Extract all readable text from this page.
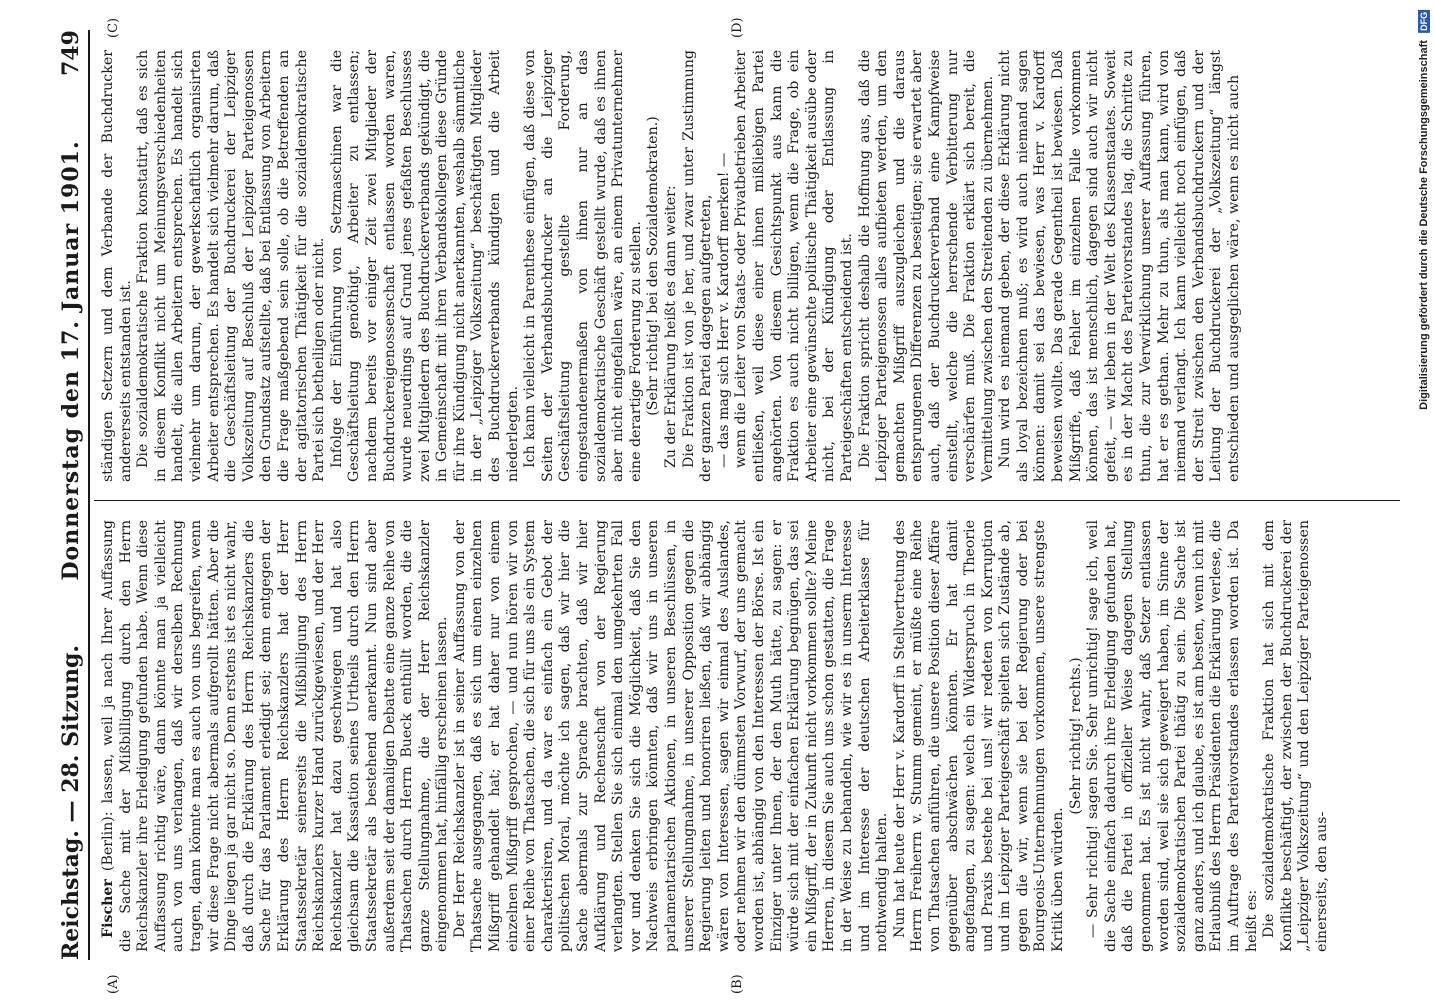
Reichstag. — 28. Sitzung.
Donnerstag den 17. Januar 1901.
749
(A)	(B)
(C)	(D)

Fischer (Berlin): lassen, weil ja nach Ihrer Auffassung die Sache mit der Mißbilligung durch den Herrn Reichskanzler ihre Erledigung gefunden habe. Wenn diese Auffassung richtig wäre, dann könnte man ja vielleicht auch von uns verlangen, daß wir derselben Rechnung tragen, dann könnte man es auch von uns begreifen, wenn wir diese Frage nicht abermals aufgerollt hätten. Aber die Dinge liegen ja gar nicht so. Denn erstens ist es nicht wahr, daß durch die Erklärung des Herrn Reichskanzlers die Sache für das Parlament erledigt sei; denn entgegen der Erklärung des Herrn Reichskanzlers hat der Herr Staatssekretär seinerseits die Mißbilligung des Herrn Reichskanzlers kurzer Hand zurückgewiesen, und der Herr Reichskanzler hat dazu geschwiegen und hat also gleichsam die Kassation seines Urtheils durch den Herrn Staatssekretär als bestehend anerkannt. Nun sind aber außerdem seit der damaligen Debatte eine ganze Reihe von Thatsachen durch Herrn Bueck enthüllt worden, die die ganze Stellungnahme, die der Herr Reichskanzler eingenommen hat, hinfällig erscheinen lassen. Der Herr Reichskanzler ist in seiner Auffassung von der Thatsache ausgegangen, daß es sich um einen einzelnen Mißgriff gehandelt hat; er hat daher nur von einem einzelnen Mißgriff gesprochen, — und nun hören wir von einer Reihe von Thatsachen, die sich für uns als ein System charakterisiren, und da war es einfach ein Gebot der politischen Moral, möchte ich sagen, daß wir hier die Sache abermals zur Sprache brachten, daß wir hier Aufklärung und Rechenschaft von der Regierung verlangten. Stellen Sie sich einmal den umgekehrten Fall vor und denken Sie sich die Möglichkeit, daß Sie den Nachweis erbringen könnten, daß wir uns in unseren parlamentarischen Aktionen, in unseren Beschlüssen, in unserer Stellungnahme, in unserer Opposition gegen die Regierung leiten und honoriren ließen, daß wir abhängig wären von Interessen, sagen wir einmal des Auslandes, oder nehmen wir den dümmsten Vorwurf, der uns gemacht worden ist, abhängig von den Interessen der Börse. Ist ein Einziger unter Ihnen, der den Muth hätte, zu sagen: er würde sich mit der einfachen Erklärung begnügen, das sei ein Mißgriff, der in Zukunft nicht vorkommen sollte? Meine Herren, in diesem Sie auch uns schon gestatten, die Frage in der Weise zu behandeln, wie wir es in unserm Interesse und im Interesse der deutschen Arbeiterklasse für nothwendig halten. Nun hat heute der Herr v. Kardorff in Stellvertretung des Herrn Freiherrn v. Stumm gemeint, er müßte eine Reihe von Thatsachen anführen, die unsere Position dieser Affäre gegenüber abschwächen könnten. Er hat damit angefangen, zu sagen: welch ein Widerspruch in Theorie und Praxis bestehe bei uns! wir redeten von Korruption und im Leipziger Parteigeschäft spielten sich Zustände ab, gegen die wir, wenn sie bei der Regierung oder bei Bourgeois-Unternehmungen vorkommen, unsere strengste Kritik üben würden.

(Sehr richtig! rechts.) — Sehr richtig! sagen Sie. Sehr unrichtig! sage ich, weil die Sache einfach dadurch ihre Erledigung gefunden hat, daß die Partei in offizieller Weise dagegen Stellung genommen hat. Es ist nicht wahr, daß Setzer entlassen worden sind, weil sie sich geweigert haben, im Sinne der sozialdemokratischen Partei thätig zu sein. Die Sache ist ganz anders, und ich glaube, es ist am besten, wenn ich mit Erlaubniß des Herrn Präsidenten die Erklärung verlese, die im Auftrage des Parteivorstandes erlassen worden ist. Da heißt es: Die sozialdemokratische Fraktion hat sich mit dem Konflikte beschäftigt, der zwischen der Buchdruckerei der „Leipziger Volkszeitung“ und den Leipziger Parteigenossen einerseits, den aus-

ständigen Setzern und dem Verbande der Buchdrucker andererseits entstanden ist. Die sozialdemokratische Fraktion konstatirt, daß es sich in diesem Konflikt nicht um Meinungsverschiedenheiten handelt, die allen Arbeitern entsprechen. Es handelt sich vielmehr um darum, der gewerkschaftlich organisirten Arbeiter entsprechen. Es handelt sich vielmehr darum, daß die Geschäftsleitung der Buchdruckerei der Leipziger Volkszeitung auf Beschluß der Leipziger Parteigenossen den Grundsatz aufstellte, daß bei Entlassung von Arbeitern die Frage maßgebend sein solle, ob die Betreffenden an der agitatorischen Thätigkeit für die sozialdemokratische Partei sich betheiligen oder nicht. Infolge der Einführung von Setzmaschinen war die Geschäftsleitung genöthigt, Arbeiter zu entlassen; nachdem bereits vor einiger Zeit zwei Mitglieder der Buchdruckereigenossenschaft entlassen worden waren, wurde neuerdings auf Grund jenes gefaßten Beschlusses zwei Mitgliedern des Buchdruckerverbands gekündigt, die in Gemeinschaft mit ihren Verbandskollegen diese Gründe für ihre Kündigung nicht anerkannten, weshalb sämmtliche in der „Leipziger Volkszeitung“ beschäftigten Mitglieder des Buchdruckerverbands kündigten und die Arbeit niederlegten. Ich kann vielleicht in Parenthese einfügen, daß diese von Seiten der Verbandsbuchdrucker an die Leipziger Geschäftsleitung gestellte Forderung, eingestandenermaßen von ihnen nur an das sozialdemokratische Geschäft gestellt wurde, daß es ihnen aber nicht eingefallen wäre, an einem Privatunternehmer eine derartige Forderung zu stellen. (Sehr richtig! bei den Sozialdemokraten.) Zu der Erklärung heißt es dann weiter: Die Fraktion ist von je her, und zwar unter Zustimmung der ganzen Partei dagegen aufgetreten, — das mag sich Herr v. Kardorff merken! — wenn die Leiter von Staats- oder Privatbetrieben Arbeiter entließen, weil diese einer ihnen mißliebigen Partei angehörten. Von diesem Gesichtspunkt aus kann die Fraktion es auch nicht billigen, wenn die Frage, ob ein Arbeiter eine gewünschte politische Thätigkeit ausübe oder nicht, bei der Kündigung oder Entlassung in Parteigeschäften entscheidend ist. Die Fraktion spricht deshalb die Hoffnung aus, daß die Leipziger Parteigenossen alles aufbieten werden, um den gemachten Mißgriff auszugleichen und die daraus entsprungenen Differenzen zu beseitigen; sie erwartet aber auch, daß der Buchdruckerverband eine Kampfweise einstellt, welche die herrschende Verbitterung nur verschärfen muß. Die Fraktion erklärt sich bereit, die Vermittelung zwischen den Streitenden zu übernehmen. Nun wird es niemand geben, der diese Erklärung nicht als loyal bezeichnen muß; es wird auch niemand sagen können: damit sei das bewiesen, was Herr v. Kardorff beweisen wollte. Das gerade Gegentheil ist bewiesen. Daß Mißgriffe, daß Fehler im einzelnen Falle vorkommen können, das ist menschlich, dagegen sind auch wir nicht gefeit, — wir leben in der Welt des Klassenstaates. Soweit es in der Macht des Parteivorstandes lag, die Schritte zu thun, die zur Verwirklichung unserer Auffassung führen, hat er es gethan. Mehr zu thun, als man kann, wird von niemand verlangt. Ich kann vielleicht noch einfügen, daß der Streit zwischen den Verbandsbuchdruckern und der Leitung der Buchdruckerei der „Volkszeitung“ längst entschieden und ausgeglichen wäre, wenn es nicht auch	Digitalisierung gefördert durch die Deutsche Forschungsgemeinschaft DFG
